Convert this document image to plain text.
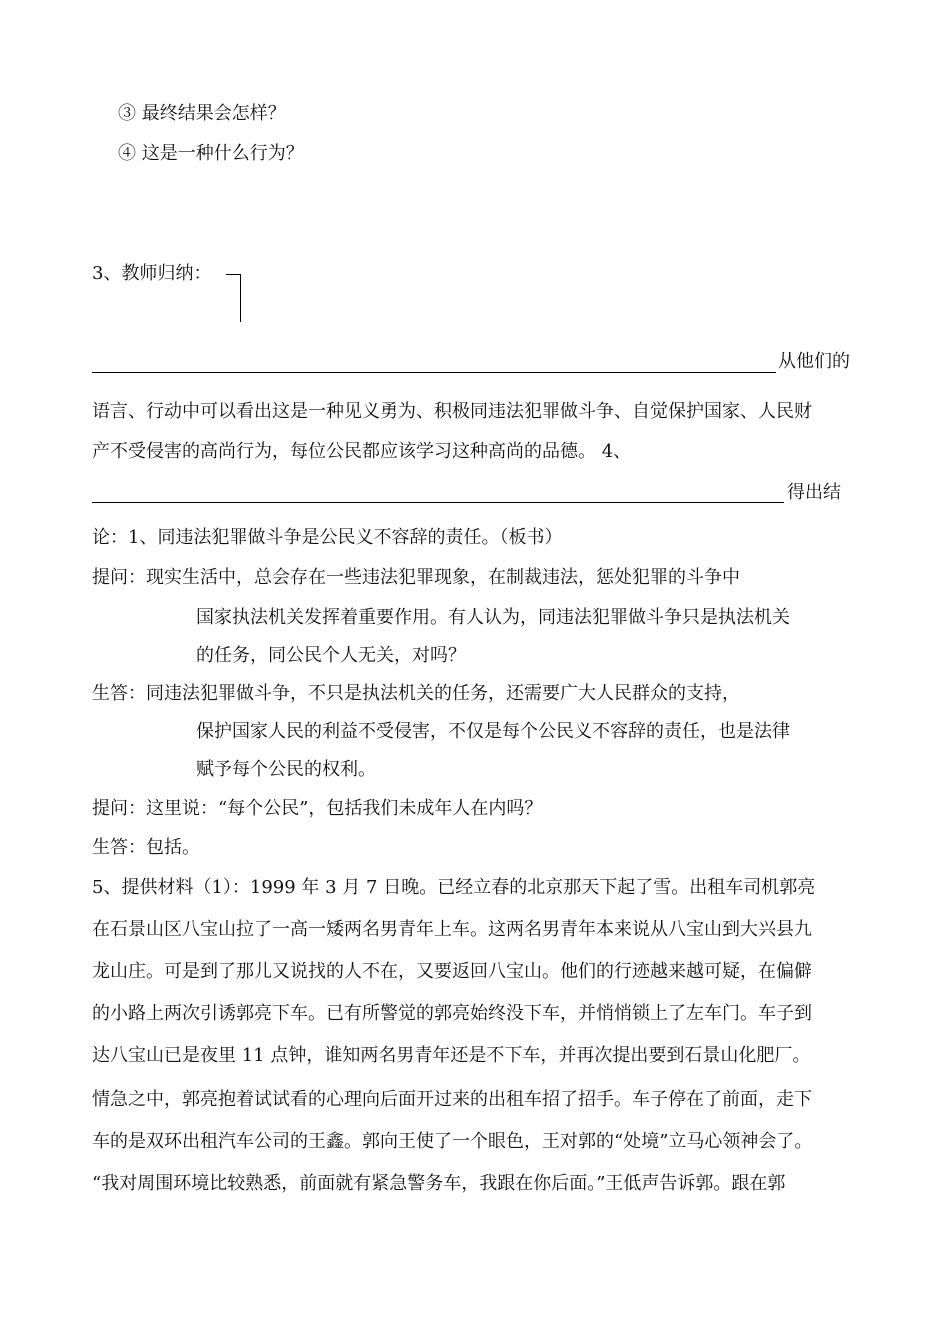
③ 最终结果会怎样？
④ 这是一种什么行为？
3、教师归纳：
从他们的
语言、行动中可以看出这是一种见义勇为、积极同违法犯罪做斗争、自觉保护国家、人民财
产不受侵害的高尚行为，每位公民都应该学习这种高尚的品德。 4、
得出结
论：1、同违法犯罪做斗争是公民义不容辞的责任。（板书）
提问：现实生活中，总会存在一些违法犯罪现象，在制裁违法，惩处犯罪的斗争中
国家执法机关发挥着重要作用。有人认为，同违法犯罪做斗争只是执法机关
的任务，同公民个人无关，对吗？
生答：同违法犯罪做斗争，不只是执法机关的任务，还需要广大人民群众的支持，
保护国家人民的利益不受侵害，不仅是每个公民义不容辞的责任，也是法律
赋予每个公民的权利。
提问：这里说：“每个公民”，包括我们未成年人在内吗？
生答：包括。
5、提供材料（1）：1999 年 3 月 7 日晚。已经立春的北京那天下起了雪。出租车司机郭亮
在石景山区八宝山拉了一高一矮两名男青年上车。这两名男青年本来说从八宝山到大兴县九
龙山庄。可是到了那儿又说找的人不在，又要返回八宝山。他们的行迹越来越可疑，在偏僻
的小路上两次引诱郭亮下车。已有所警觉的郭亮始终没下车，并悄悄锁上了左车门。车子到
达八宝山已是夜里 11 点钟，谁知两名男青年还是不下车，并再次提出要到石景山化肥厂。
情急之中，郭亮抱着试试看的心理向后面开过来的出租车招了招手。车子停在了前面，走下
车的是双环出租汽车公司的王鑫。郭向王使了一个眼色，王对郭的“处境”立马心领神会了。
“我对周围环境比较熟悉，前面就有紧急警务车，我跟在你后面。”王低声告诉郭。跟在郭
